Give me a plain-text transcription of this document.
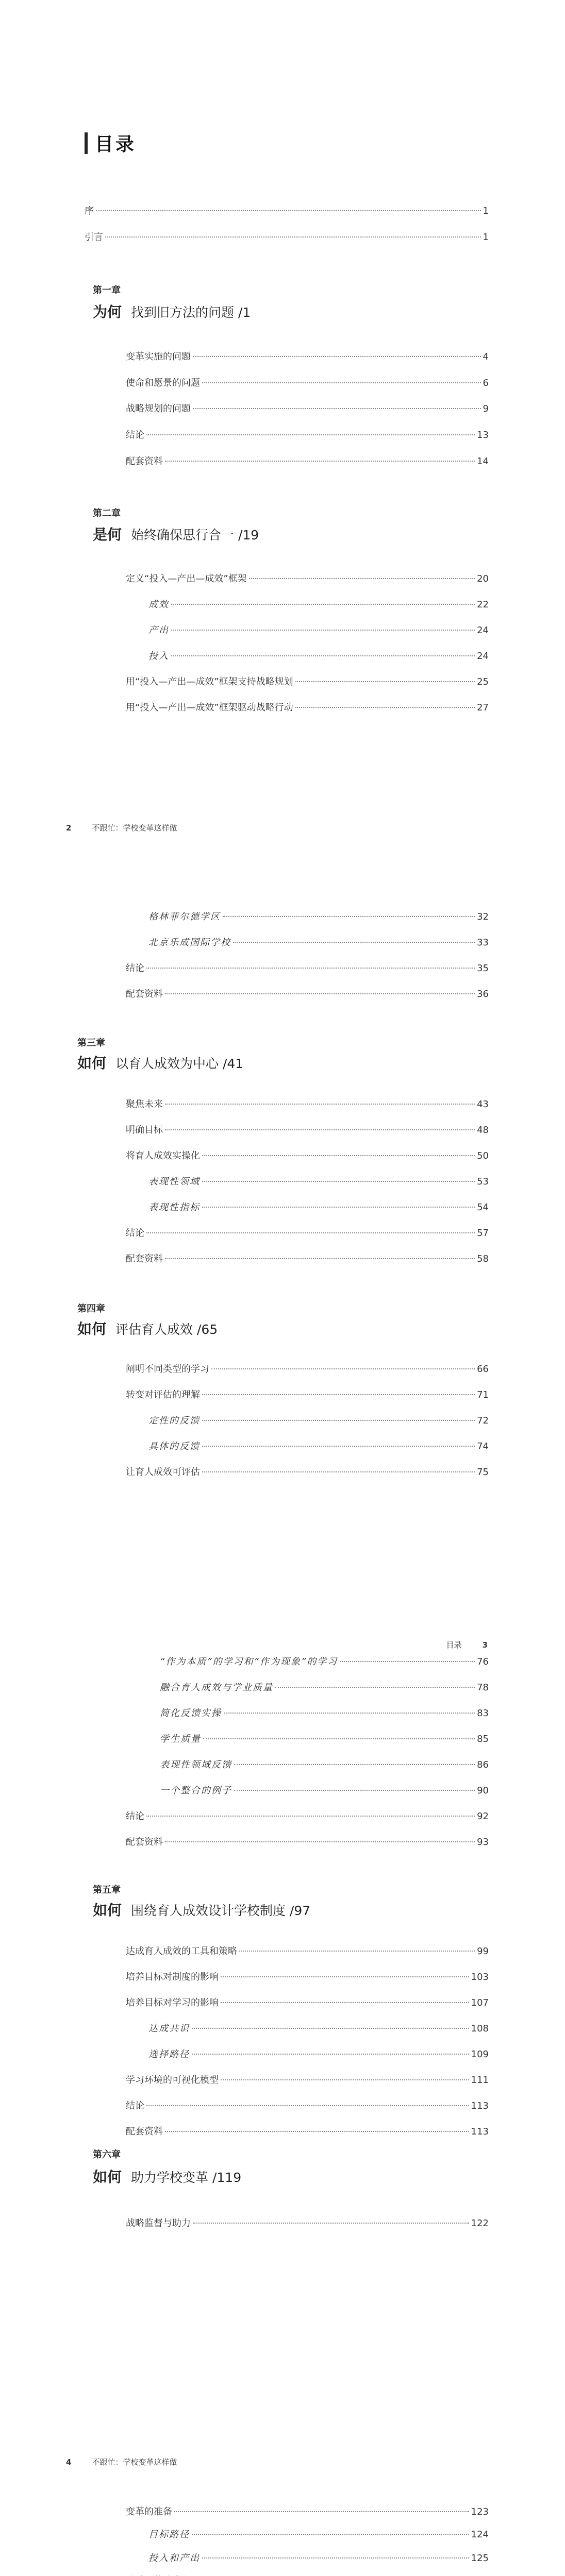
目录
序	1
引言	1
第一章
为何 找到旧方法的问题 /1
变革实施的问题	4
使命和愿景的问题	6
战略规划的问题	9
结论	13
配套资料	14
第二章
是何 始终确保思行合一 /19
定义“投入—产出—成效”框架	20
成效	22
产出	24
投入	24
用“投入—产出—成效”框架支持战略规划	25
用“投入—产出—成效”框架驱动战略行动	27
2	不跟忙：学校变革这样做
格林菲尔德学区	32
北京乐成国际学校	33
结论	35
配套资料	36
第三章
如何 以育人成效为中心 /41
聚焦未来	43
明确目标	48
将育人成效实操化	50
表现性领域	53
表现性指标	54
结论	57
配套资料	58
第四章
如何 评估育人成效 /65
阐明不同类型的学习	66
转变对评估的理解	71
定性的反馈	72
具体的反馈	74
让育人成效可评估	75
目录	3
“作为本质”的学习和“作为现象”的学习	76
融合育人成效与学业质量	78
简化反馈实操	83
学生质量	85
表现性领域反馈	86
一个整合的例子	90
结论	92
配套资料	93
第五章
如何 围绕育人成效设计学校制度 /97
达成育人成效的工具和策略	99
培养目标对制度的影响	103
培养目标对学习的影响	107
达成共识	108
选择路径	109
学习环境的可视化模型	111
结论	113
配套资料	113
第六章
如何 助力学校变革 /119
战略监督与助力	122
4	不跟忙：学校变革这样做
变革的准备	123
目标路径	124
投入和产出	125
